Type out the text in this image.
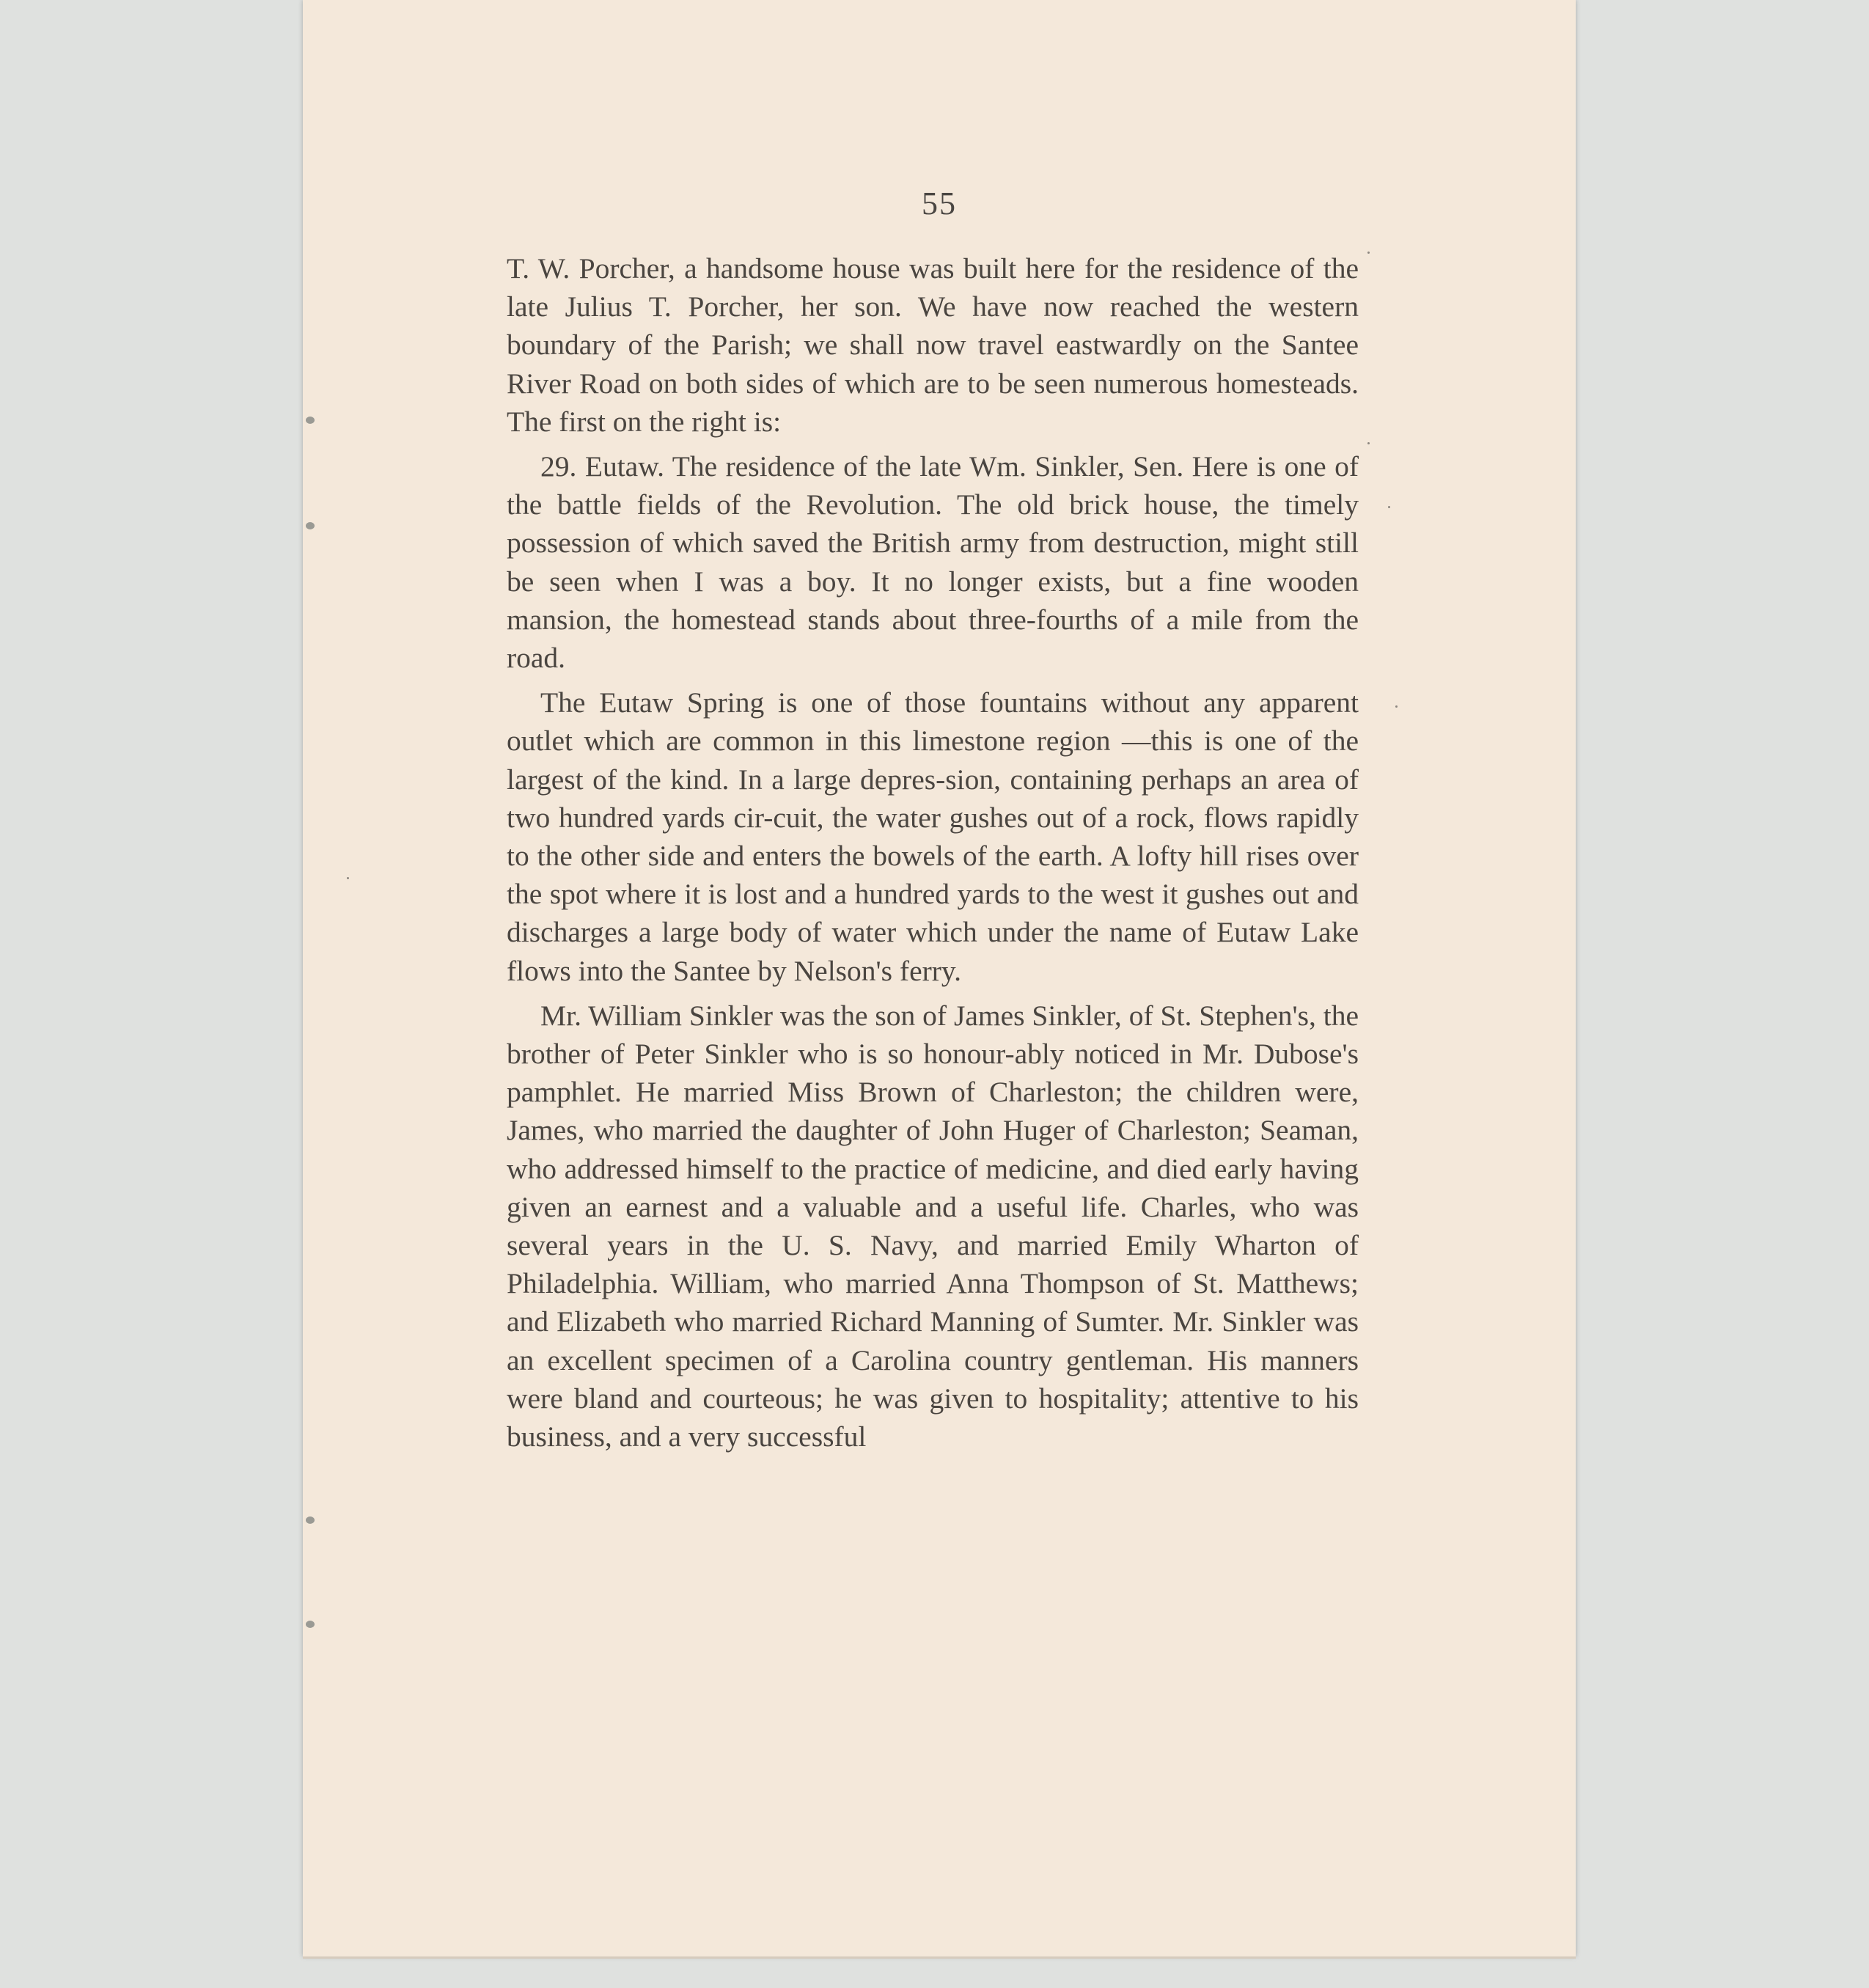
55

T. W. Porcher, a handsome house was built here for the residence of the late Julius T. Porcher, her son. We have now reached the western boundary of the Parish; we shall now travel eastwardly on the Santee River Road on both sides of which are to be seen numerous homesteads. The first on the right is:

29. Eutaw. The residence of the late Wm. Sinkler, Sen. Here is one of the battle fields of the Revolution. The old brick house, the timely possession of which saved the British army from destruction, might still be seen when I was a boy. It no longer exists, but a fine wooden mansion, the homestead stands about three-fourths of a mile from the road.

The Eutaw Spring is one of those fountains without any apparent outlet which are common in this limestone region —this is one of the largest of the kind. In a large depres-sion, containing perhaps an area of two hundred yards cir-cuit, the water gushes out of a rock, flows rapidly to the other side and enters the bowels of the earth. A lofty hill rises over the spot where it is lost and a hundred yards to the west it gushes out and discharges a large body of water which under the name of Eutaw Lake flows into the Santee by Nelson's ferry.

Mr. William Sinkler was the son of James Sinkler, of St. Stephen's, the brother of Peter Sinkler who is so honour-ably noticed in Mr. Dubose's pamphlet. He married Miss Brown of Charleston; the children were, James, who married the daughter of John Huger of Charleston; Seaman, who addressed himself to the practice of medicine, and died early having given an earnest and a valuable and a useful life. Charles, who was several years in the U. S. Navy, and married Emily Wharton of Philadelphia. William, who married Anna Thompson of St. Matthews; and Elizabeth who married Richard Manning of Sumter. Mr. Sinkler was an excellent specimen of a Carolina country gentleman. His manners were bland and courteous; he was given to hospitality; attentive to his business, and a very successful
